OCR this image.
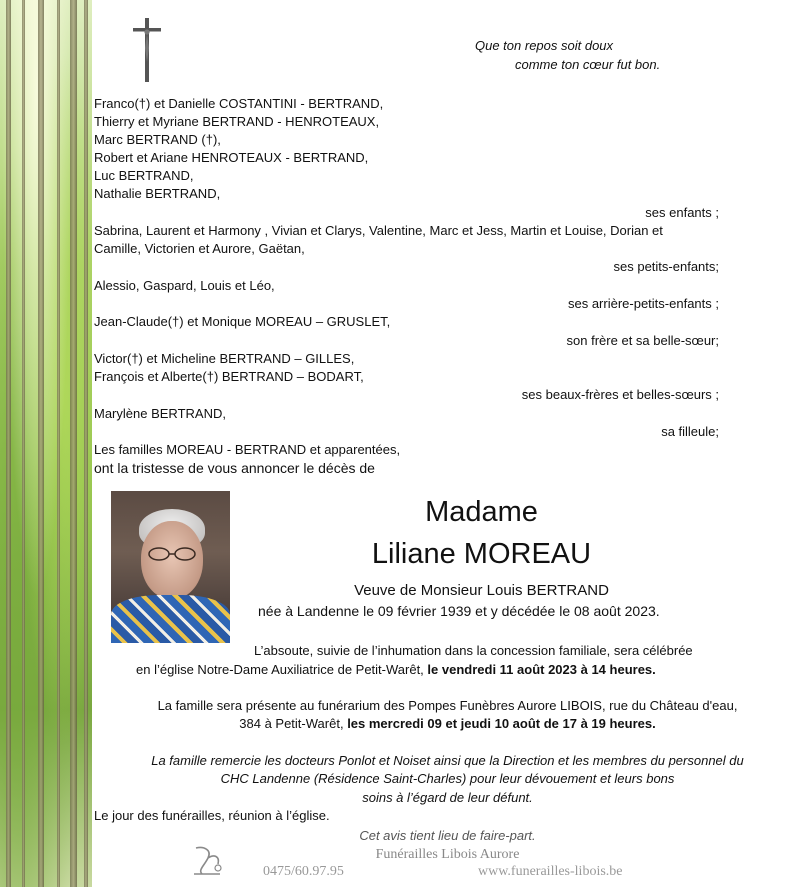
Que ton repos soit doux
comme ton cœur fut bon.
Franco(†) et Danielle COSTANTINI - BERTRAND,
Thierry et Myriane BERTRAND - HENROTEAUX,
Marc BERTRAND (†),
Robert et Ariane HENROTEAUX - BERTRAND,
Luc BERTRAND,
Nathalie BERTRAND,
ses enfants ;
Sabrina, Laurent et Harmony , Vivian et Clarys, Valentine, Marc et Jess, Martin et Louise, Dorian et
Camille, Victorien et Aurore, Gaëtan,
ses petits-enfants;
Alessio, Gaspard, Louis et Léo,
ses arrière-petits-enfants ;
Jean-Claude(†) et Monique MOREAU – GRUSLET,
son frère et sa belle-sœur;
Victor(†) et Micheline BERTRAND – GILLES,
François et Alberte(†) BERTRAND – BODART,
ses beaux-frères et belles-sœurs ;
Marylène BERTRAND,
sa filleule;
Les familles MOREAU - BERTRAND et apparentées,
ont la tristesse de vous annoncer le décès de
Madame
Liliane MOREAU
Veuve de Monsieur Louis BERTRAND
née à Landenne le 09 février 1939 et y décédée le 08 août 2023.
L’absoute, suivie de l’inhumation dans la concession familiale, sera célébrée
en l’église Notre-Dame Auxiliatrice de Petit-Warêt, le vendredi 11 août 2023 à 14 heures.
La famille sera présente au funérarium des Pompes Funèbres Aurore LIBOIS, rue du Château d'eau,
384 à Petit-Warêt, les mercredi 09 et jeudi 10 août de 17 à 19 heures.
La famille remercie les docteurs Ponlot et Noiset ainsi que la Direction et les membres du personnel du
CHC Landenne (Résidence Saint-Charles) pour leur dévouement et leurs bons
soins à l’égard de leur défunt.
Le jour des funérailles, réunion à l’église.
Cet avis tient lieu de faire-part.
Funérailles Libois Aurore
0475/60.97.95	www.funerailles-libois.be
